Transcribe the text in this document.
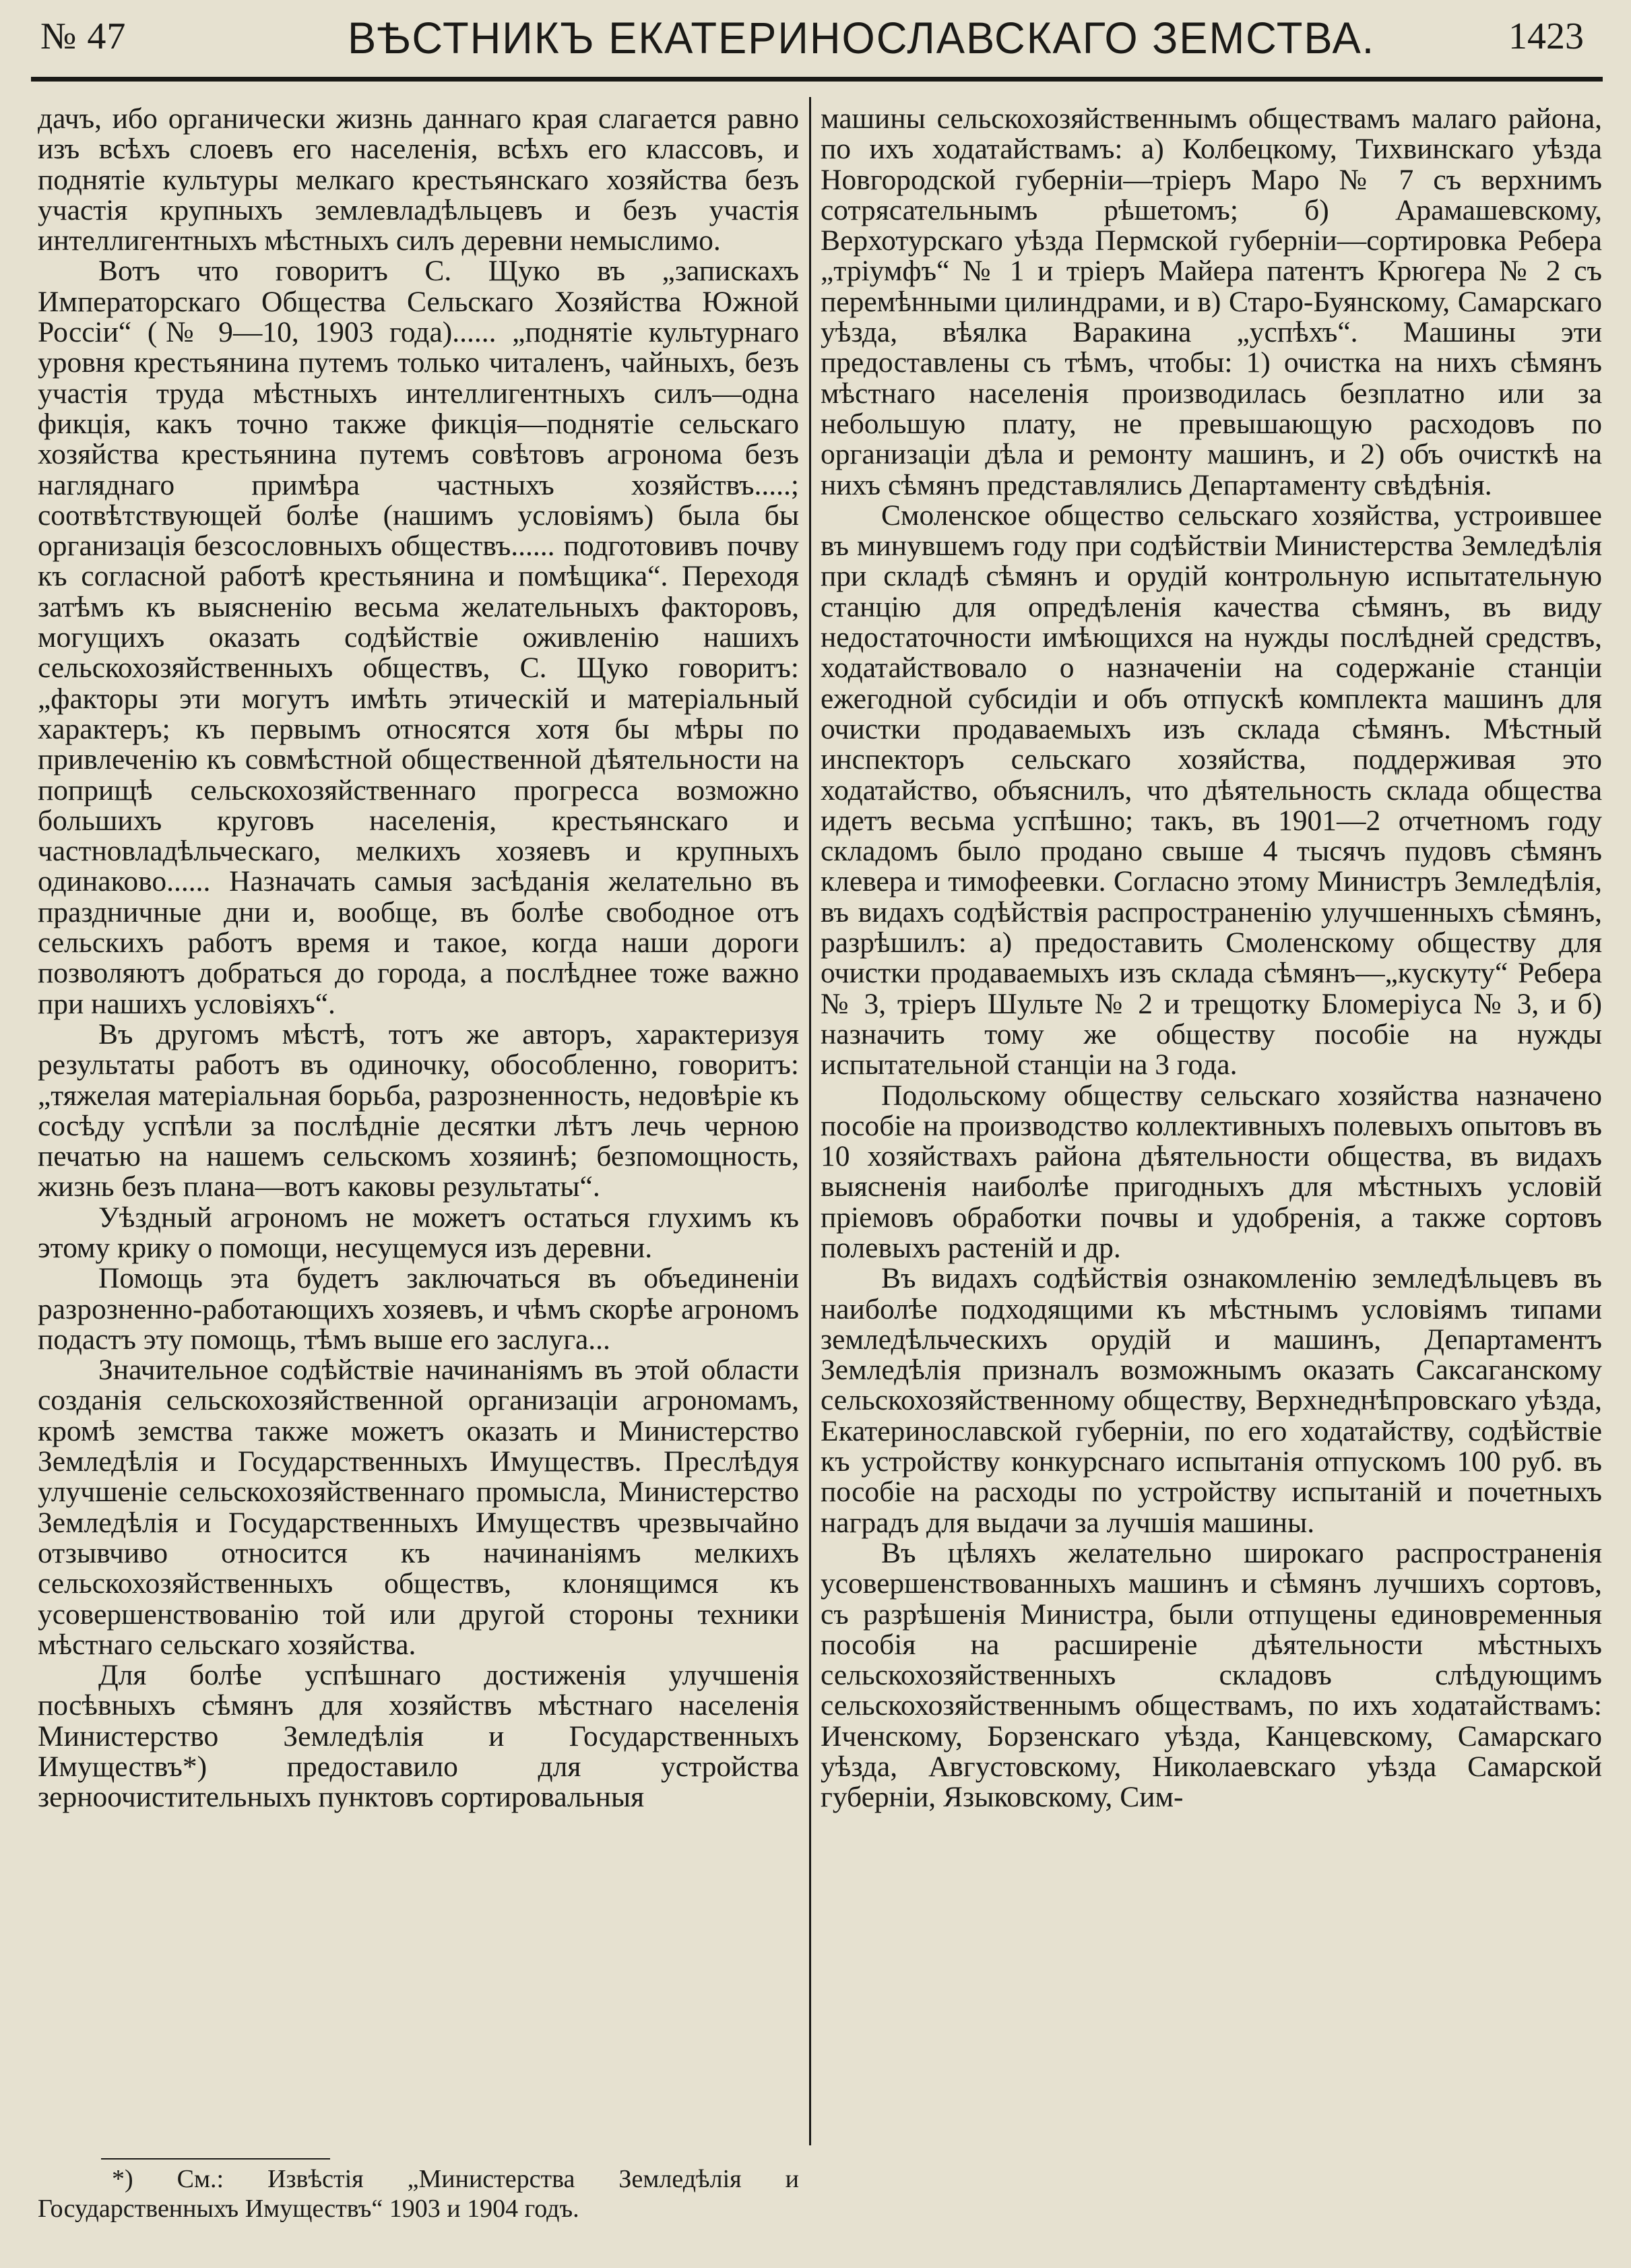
№ 47	ВѢСТНИКЪ ЕКАТЕРИНОСЛАВСКАГО ЗЕМСТВА.	1423

дачъ, ибо органически жизнь даннаго края слагается равно изъ всѣхъ слоевъ его населенія, всѣхъ его классовъ, и поднятіе культуры мелкаго крестьянскаго хозяйства безъ участія крупныхъ землевладѣльцевъ и безъ участія интеллигентныхъ мѣстныхъ силъ деревни немыслимо.

Вотъ что говоритъ С. Щуко въ „запискахъ Императорскаго Общества Сельскаго Хозяйства Южной Россіи“ (№ 9—10, 1903 года)...... „поднятіе культурнаго уровня крестьянина путемъ только читаленъ, чайныхъ, безъ участія труда мѣстныхъ интеллигентныхъ силъ—одна фикція, какъ точно также фикція—поднятіе сельскаго хозяйства крестьянина путемъ совѣтовъ агронома безъ нагляднаго примѣра частныхъ хозяйствъ.....; соотвѣтствующей болѣе (нашимъ условіямъ) была бы организація безсословныхъ обществъ...... подготовивъ почву къ согласной работѣ крестьянина и помѣщика“. Переходя затѣмъ къ выясненію весьма желательныхъ факторовъ, могущихъ оказать содѣйствіе оживленію нашихъ сельскохозяйственныхъ обществъ, С. Щуко говоритъ: „факторы эти могутъ имѣть этическій и матеріальный характеръ; къ первымъ относятся хотя бы мѣры по привлеченію къ совмѣстной общественной дѣятельности на поприщѣ сельскохозяйственнаго прогресса возможно большихъ круговъ населенія, крестьянскаго и частновладѣльческаго, мелкихъ хозяевъ и крупныхъ одинаково...... Назначать самыя засѣданія желательно въ праздничные дни и, вообще, въ болѣе свободное отъ сельскихъ работъ время и такое, когда наши дороги позволяютъ добраться до города, а послѣднее тоже важно при нашихъ условіяхъ“.

Въ другомъ мѣстѣ, тотъ же авторъ, характеризуя результаты работъ въ одиночку, обособленно, говоритъ: „тяжелая матеріальная борьба, разрозненность, недовѣріе къ сосѣду успѣли за послѣдніе десятки лѣтъ лечь черною печатью на нашемъ сельскомъ хозяинѣ; безпомощность, жизнь безъ плана—вотъ каковы результаты“.

Уѣздный агрономъ не можетъ остаться глухимъ къ этому крику о помощи, несущемуся изъ деревни.

Помощь эта будетъ заключаться въ объединеніи разрозненно-работающихъ хозяевъ, и чѣмъ скорѣе агрономъ подастъ эту помощь, тѣмъ выше его заслуга...

Значительное содѣйствіе начинаніямъ въ этой области созданія сельскохозяйственной организаціи агрономамъ, кромѣ земства также можетъ оказать и Министерство Земледѣлія и Государственныхъ Имуществъ. Преслѣдуя улучшеніе сельскохозяйственнаго промысла, Министерство Земледѣлія и Государственныхъ Имуществъ чрезвычайно отзывчиво относится къ начинаніямъ мелкихъ сельскохозяйственныхъ обществъ, клонящимся къ усовершенствованію той или другой стороны техники мѣстнаго сельскаго хозяйства.

Для болѣе успѣшнаго достиженія улучшенія посѣвныхъ сѣмянъ для хозяйствъ мѣстнаго населенія Министерство Земледѣлія и Государственныхъ Имуществъ*) предоставило для устройства зерноочистительныхъ пунктовъ сортировальныя

машины сельскохозяйственнымъ обществамъ малаго района, по ихъ ходатайствамъ: а) Колбецкому, Тихвинскаго уѣзда Новгородской губерніи—тріеръ Маро № 7 съ верхнимъ сотрясательнымъ рѣшетомъ; б) Арамашевскому, Верхотурскаго уѣзда Пермской губерніи—сортировка Ребера „тріумфъ“ № 1 и тріеръ Майера патентъ Крюгера № 2 съ перемѣнными цилиндрами, и в) Старо-Буянскому, Самарскаго уѣзда, вѣялка Варакина „успѣхъ“. Машины эти предоставлены съ тѣмъ, чтобы: 1) очистка на нихъ сѣмянъ мѣстнаго населенія производилась безплатно или за небольшую плату, не превышающую расходовъ по организаціи дѣла и ремонту машинъ, и 2) объ очисткѣ на нихъ сѣмянъ представлялись Департаменту свѣдѣнія.

Смоленское общество сельскаго хозяйства, устроившее въ минувшемъ году при содѣйствіи Министерства Земледѣлія при складѣ сѣмянъ и орудій контрольную испытательную станцію для опредѣленія качества сѣмянъ, въ виду недостаточности имѣющихся на нужды послѣдней средствъ, ходатайствовало о назначеніи на содержаніе станціи ежегодной субсидіи и объ отпускѣ комплекта машинъ для очистки продаваемыхъ изъ склада сѣмянъ. Мѣстный инспекторъ сельскаго хозяйства, поддерживая это ходатайство, объяснилъ, что дѣятельность склада общества идетъ весьма успѣшно; такъ, въ 1901—2 отчетномъ году складомъ было продано свыше 4 тысячъ пудовъ сѣмянъ клевера и тимофеевки. Согласно этому Министръ Земледѣлія, въ видахъ содѣйствія распространенію улучшенныхъ сѣмянъ, разрѣшилъ: а) предоставить Смоленскому обществу для очистки продаваемыхъ изъ склада сѣмянъ—„кускуту“ Ребера № 3, тріеръ Шульте № 2 и трещотку Бломеріуса № 3, и б) назначить тому же обществу пособіе на нужды испытательной станціи на 3 года.

Подольскому обществу сельскаго хозяйства назначено пособіе на производство коллективныхъ полевыхъ опытовъ въ 10 хозяйствахъ района дѣятельности общества, въ видахъ выясненія наиболѣе пригодныхъ для мѣстныхъ условій пріемовъ обработки почвы и удобренія, а также сортовъ полевыхъ растеній и др.

Въ видахъ содѣйствія ознакомленію земледѣльцевъ въ наиболѣе подходящими къ мѣстнымъ условіямъ типами земледѣльческихъ орудій и машинъ, Департаментъ Земледѣлія призналъ возможнымъ оказать Саксаганскому сельскохозяйственному обществу, Верхнеднѣпровскаго уѣзда, Екатеринославской губерніи, по его ходатайству, содѣйствіе къ устройству конкурснаго испытанія отпускомъ 100 руб. въ пособіе на расходы по устройству испытаній и почетныхъ наградъ для выдачи за лучшія машины.

Въ цѣляхъ желательно широкаго распространенія усовершенствованныхъ машинъ и сѣмянъ лучшихъ сортовъ, съ разрѣшенія Министра, были отпущены единовременныя пособія на расширеніе дѣятельности мѣстныхъ сельскохозяйственныхъ складовъ слѣдующимъ сельскохозяйственнымъ обществамъ, по ихъ ходатайствамъ: Иченскому, Борзенскаго уѣзда, Канцевскому, Самарскаго уѣзда, Августовскому, Николаевскаго уѣзда Самарской губерніи, Языковскому, Сим-

*) См.: Извѣстія „Министерства Земледѣлія и Государственныхъ Имуществъ“ 1903 и 1904 годъ.
